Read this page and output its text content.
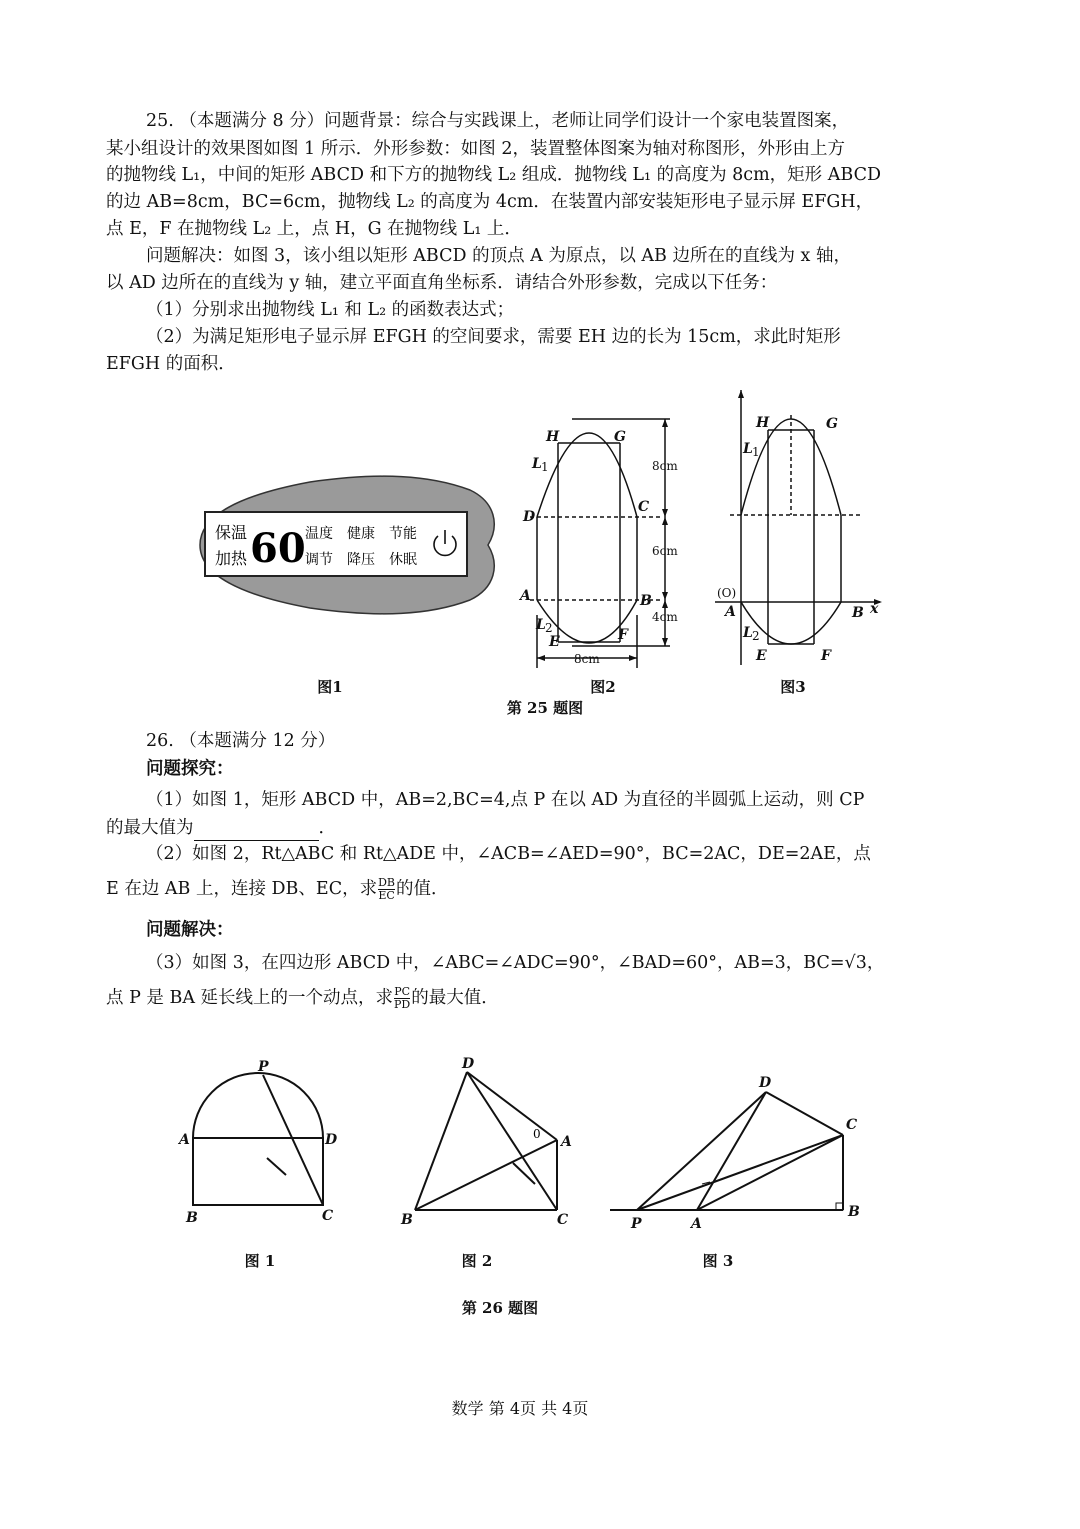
25. （本题满分 8 分）问题背景：综合与实践课上，老师让同学们设计一个家电装置图案，
某小组设计的效果图如图 1 所示．外形参数：如图 2，装置整体图案为轴对称图形，外形由上方
的抛物线 L₁，中间的矩形 ABCD 和下方的抛物线 L₂ 组成．抛物线 L₁ 的高度为 8cm，矩形 ABCD
的边 AB=8cm，BC=6cm，抛物线 L₂ 的高度为 4cm．在装置内部安装矩形电子显示屏 EFGH，
点 E，F 在抛物线 L₂ 上，点 H，G 在抛物线 L₁ 上．
问题解决：如图 3，该小组以矩形 ABCD 的顶点 A 为原点，以 AB 边所在的直线为 x 轴，
以 AD 边所在的直线为 y 轴，建立平面直角坐标系．请结合外形参数，完成以下任务：
（1）分别求出抛物线 L₁ 和 L₂ 的函数表达式；
（2）为满足矩形电子显示屏 EFGH 的空间要求，需要 EH 边的长为 15cm，求此时矩形
EFGH 的面积．
保温
加热 60 温度 健康 节能
调节 降压 休眠
图1
H	G
L 1
C
D
A	B
L 2
E	F
8cm
6cm
4cm
8cm
图2
H	G
L 1
(O)
A	B x
L 2
E	F
图3
第 25 题图
26. （本题满分 12 分）
问题探究：
（1）如图 1，矩形 ABCD 中，AB=2,BC=4,点 P 在以 AD 为直径的半圆弧上运动，则 CP
的最大值为	．
（2）如图 2，Rt△ABC 和 Rt△ADE 中，∠ACB=∠AED=90°，BC=2AC，DE=2AE，点
E 在边 AB 上，连接 DB、EC，求 $\frac{DB}{EC}$ 的值．
问题解决：
（3）如图 3，在四边形 ABCD 中，∠ABC=∠ADC=90°，∠BAD=60°，AB=3，BC=√3，
点 P 是 BA 延长线上的一个动点，求 $\frac{PC}{PD}$ 的最大值．
P
A	D
B	C
图 1
0
D
A
B	C
图 2
D
C
P	A
B
图 3
第 26 题图
数学 第 4页 共 4页
